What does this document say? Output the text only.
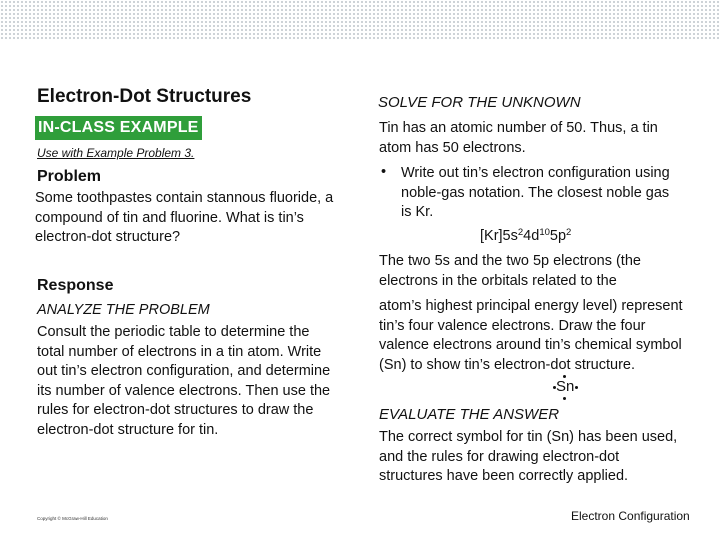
Electron-Dot Structures
IN-CLASS EXAMPLE
Use with Example Problem 3.
Problem
Some toothpastes contain stannous fluoride, a compound of tin and fluorine. What is tin’s electron-dot structure?
Response
ANALYZE THE PROBLEM
Consult the periodic table to determine the total number of electrons in a tin atom. Write out tin’s electron configuration, and determine its number of valence electrons. Then use the rules for electron-dot structures to draw the electron-dot structure for tin.
Copyright © McGraw-Hill Education
SOLVE FOR THE UNKNOWN
Tin has an atomic number of 50. Thus, a tin atom has 50 electrons.
• Write out tin’s electron configuration using noble-gas notation. The closest noble gas is Kr.
$[Kr]5s^24d^{10}5p^2$
The two 5s and the two 5p electrons (the electrons in the orbitals related to the
atom’s highest principal energy level) represent tin’s four valence electrons. Draw the four valence electrons around tin’s chemical symbol (Sn) to show tin’s electron-dot structure.
Sn
EVALUATE THE ANSWER
The correct symbol for tin (Sn) has been used, and the rules for drawing electron-dot structures have been correctly applied.
Electron Configuration
